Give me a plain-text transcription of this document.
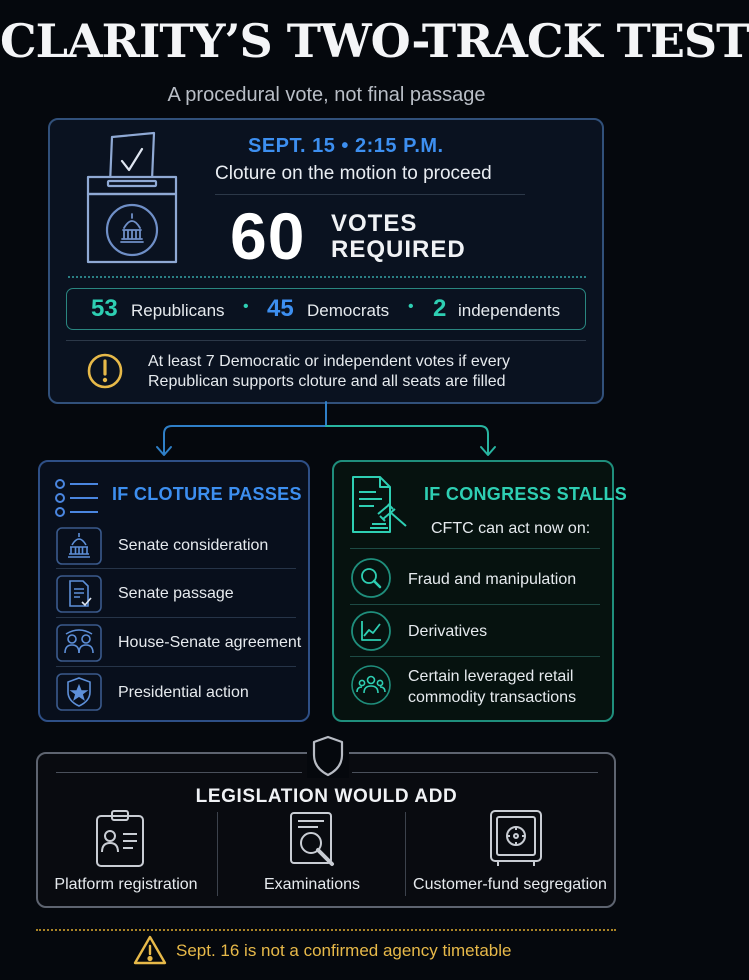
CLARITY’S TWO-TRACK TEST
A procedural vote, not final passage
SEPT. 15 • 2:15 P.M.
Cloture on the motion to proceed
60 VOTES
REQUIRED
53 Republicans • 45 Democrats • 2 independents
At least 7 Democratic or independent votes if every
Republican supports cloture and all seats are filled
IF CLOTURE PASSES
Senate consideration
Senate passage
House-Senate agreement
Presidential action
IF CONGRESS STALLS
CFTC can act now on:
Fraud and manipulation
Derivatives
Certain leveraged retail
commodity transactions
LEGISLATION WOULD ADD
Platform registration	Examinations	Customer-fund segregation
Sept. 16 is not a confirmed agency timetable
